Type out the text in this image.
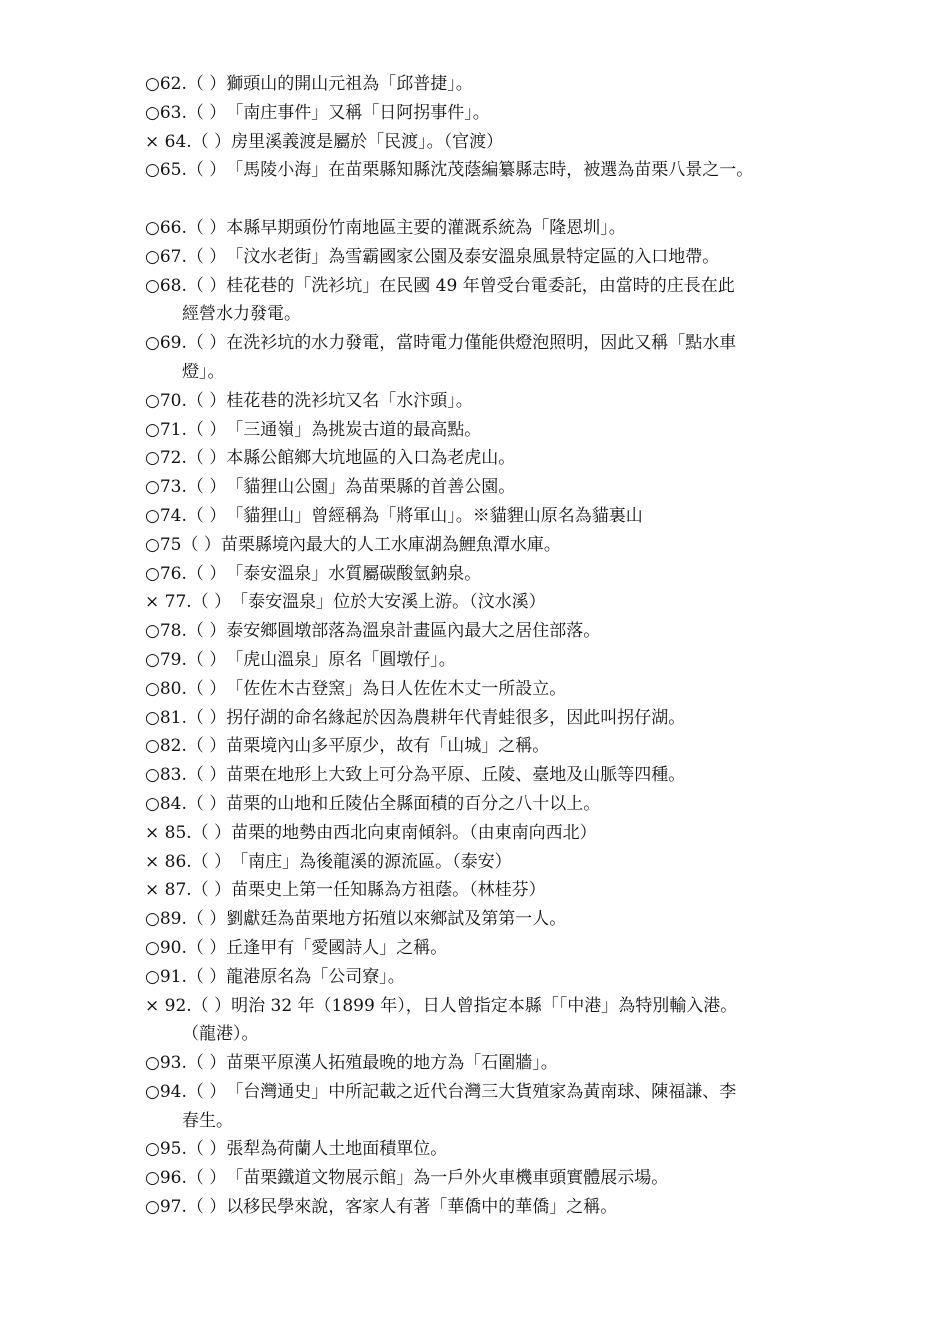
○62.（ ） 獅頭山的開山元祖為「邱普捷」。
○63.（ ） 「南庄事件」又稱「日阿拐事件」。
× 64.（ ） 房里溪義渡是屬於「民渡」。（官渡）
○65.（ ） 「馬陵小海」在苗栗縣知縣沈茂蔭編纂縣志時，被選為苗栗八景之一。
○66.（ ） 本縣早期頭份竹南地區主要的灌溉系統為「隆恩圳」。
○67.（ ） 「汶水老街」為雪霸國家公園及泰安溫泉風景特定區的入口地帶。
○68.（ ） 桂花巷的「洗衫坑」在民國 49 年曾受台電委託，由當時的庄長在此
經營水力發電。
○69.（ ） 在洗衫坑的水力發電，當時電力僅能供燈泡照明，因此又稱「點水車
燈」。
○70.（ ） 桂花巷的洗衫坑又名「水汴頭」。
○71.（ ） 「三通嶺」為挑炭古道的最高點。
○72.（ ） 本縣公館鄉大坑地區的入口為老虎山。
○73.（ ） 「貓狸山公園」為苗栗縣的首善公園。
○74.（ ） 「貓狸山」曾經稱為「將軍山」。※貓貍山原名為貓裏山
○75（ ） 苗栗縣境內最大的人工水庫湖為鯉魚潭水庫。
○76.（ ） 「泰安溫泉」水質屬碳酸氫鈉泉。
× 77.（ ） 「泰安溫泉」位於大安溪上游。（汶水溪）
○78.（ ） 泰安鄉圓墩部落為溫泉計畫區內最大之居住部落。
○79.（ ） 「虎山溫泉」原名「圓墩仔」。
○80.（ ） 「佐佐木古登窯」為日人佐佐木丈一所設立。
○81.（ ） 拐仔湖的命名緣起於因為農耕年代青蛙很多，因此叫拐仔湖。
○82.（ ） 苗栗境內山多平原少，故有「山城」之稱。
○83.（ ） 苗栗在地形上大致上可分為平原、丘陵、臺地及山脈等四種。
○84.（ ） 苗栗的山地和丘陵佔全縣面積的百分之八十以上。
× 85.（ ） 苗栗的地勢由西北向東南傾斜。（由東南向西北）
× 86.（ ） 「南庄」為後龍溪的源流區。（泰安）
× 87.（ ） 苗栗史上第一任知縣為方祖蔭。（林桂芬）
○89.（ ） 劉獻廷為苗栗地方拓殖以來鄉試及第第一人。
○90.（ ） 丘逢甲有「愛國詩人」之稱。
○91.（ ） 龍港原名為「公司寮」。
× 92.（ ） 明治 32 年（1899 年），日人曾指定本縣「「中港」為特別輸入港。
（龍港）。
○93.（ ） 苗栗平原漢人拓殖最晚的地方為「石圍牆」。
○94.（ ） 「台灣通史」中所記載之近代台灣三大貨殖家為黃南球、陳福謙、李
春生。
○95.（ ） 張犁為荷蘭人土地面積單位。
○96.（ ） 「苗栗鐵道文物展示館」為一戶外火車機車頭實體展示場。
○97.（ ） 以移民學來說，客家人有著「華僑中的華僑」之稱。
